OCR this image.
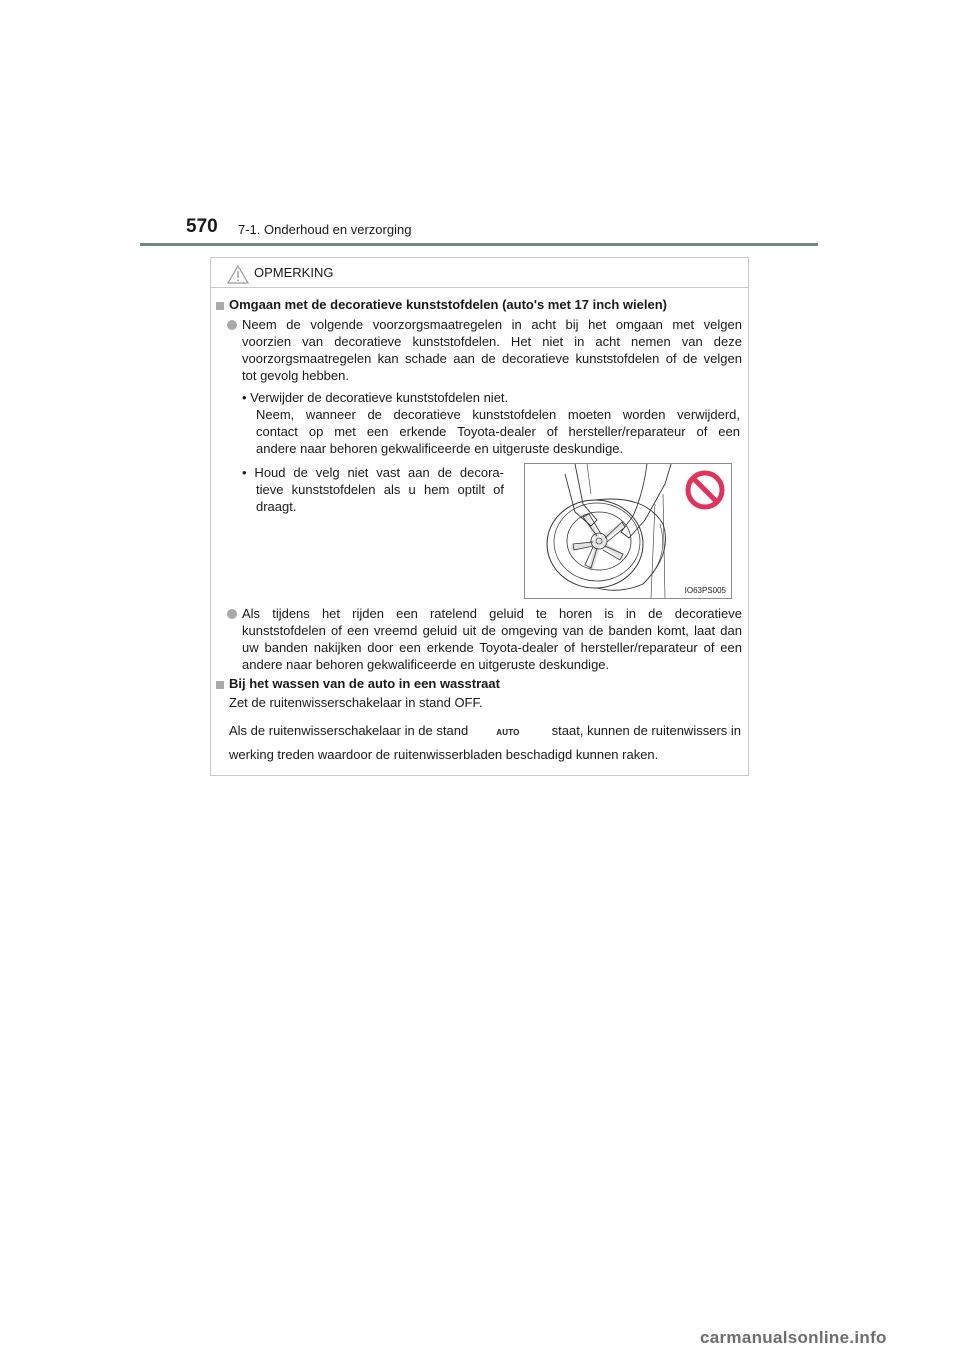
570 7-1. Onderhoud en verzorging
OPMERKING
Omgaan met de decoratieve kunststofdelen (auto's met 17 inch wielen)
Neem de volgende voorzorgsmaatregelen in acht bij het omgaan met velgen
voorzien van decoratieve kunststofdelen. Het niet in acht nemen van deze
voorzorgsmaatregelen kan schade aan de decoratieve kunststofdelen of de velgen
tot gevolg hebben.
• Verwijder de decoratieve kunststofdelen niet.
Neem, wanneer de decoratieve kunststofdelen moeten worden verwijderd,
contact op met een erkende Toyota-dealer of hersteller/reparateur of een
andere naar behoren gekwalificeerde en uitgeruste deskundige.
• Houd de velg niet vast aan de decora-
tieve kunststofdelen als u hem optilt of
draagt.
IO63PS005
Als tijdens het rijden een ratelend geluid te horen is in de decoratieve
kunststofdelen of een vreemd geluid uit de omgeving van de banden komt, laat dan
uw banden nakijken door een erkende Toyota-dealer of hersteller/reparateur of een
andere naar behoren gekwalificeerde en uitgeruste deskundige.
Bij het wassen van de auto in een wasstraat
Zet de ruitenwisserschakelaar in stand OFF.
Als de ruitenwisserschakelaar in de stand	AUTO staat, kunnen de ruitenwissers in
werking treden waardoor de ruitenwisserbladen beschadigd kunnen raken.
carmanualsonline.info
